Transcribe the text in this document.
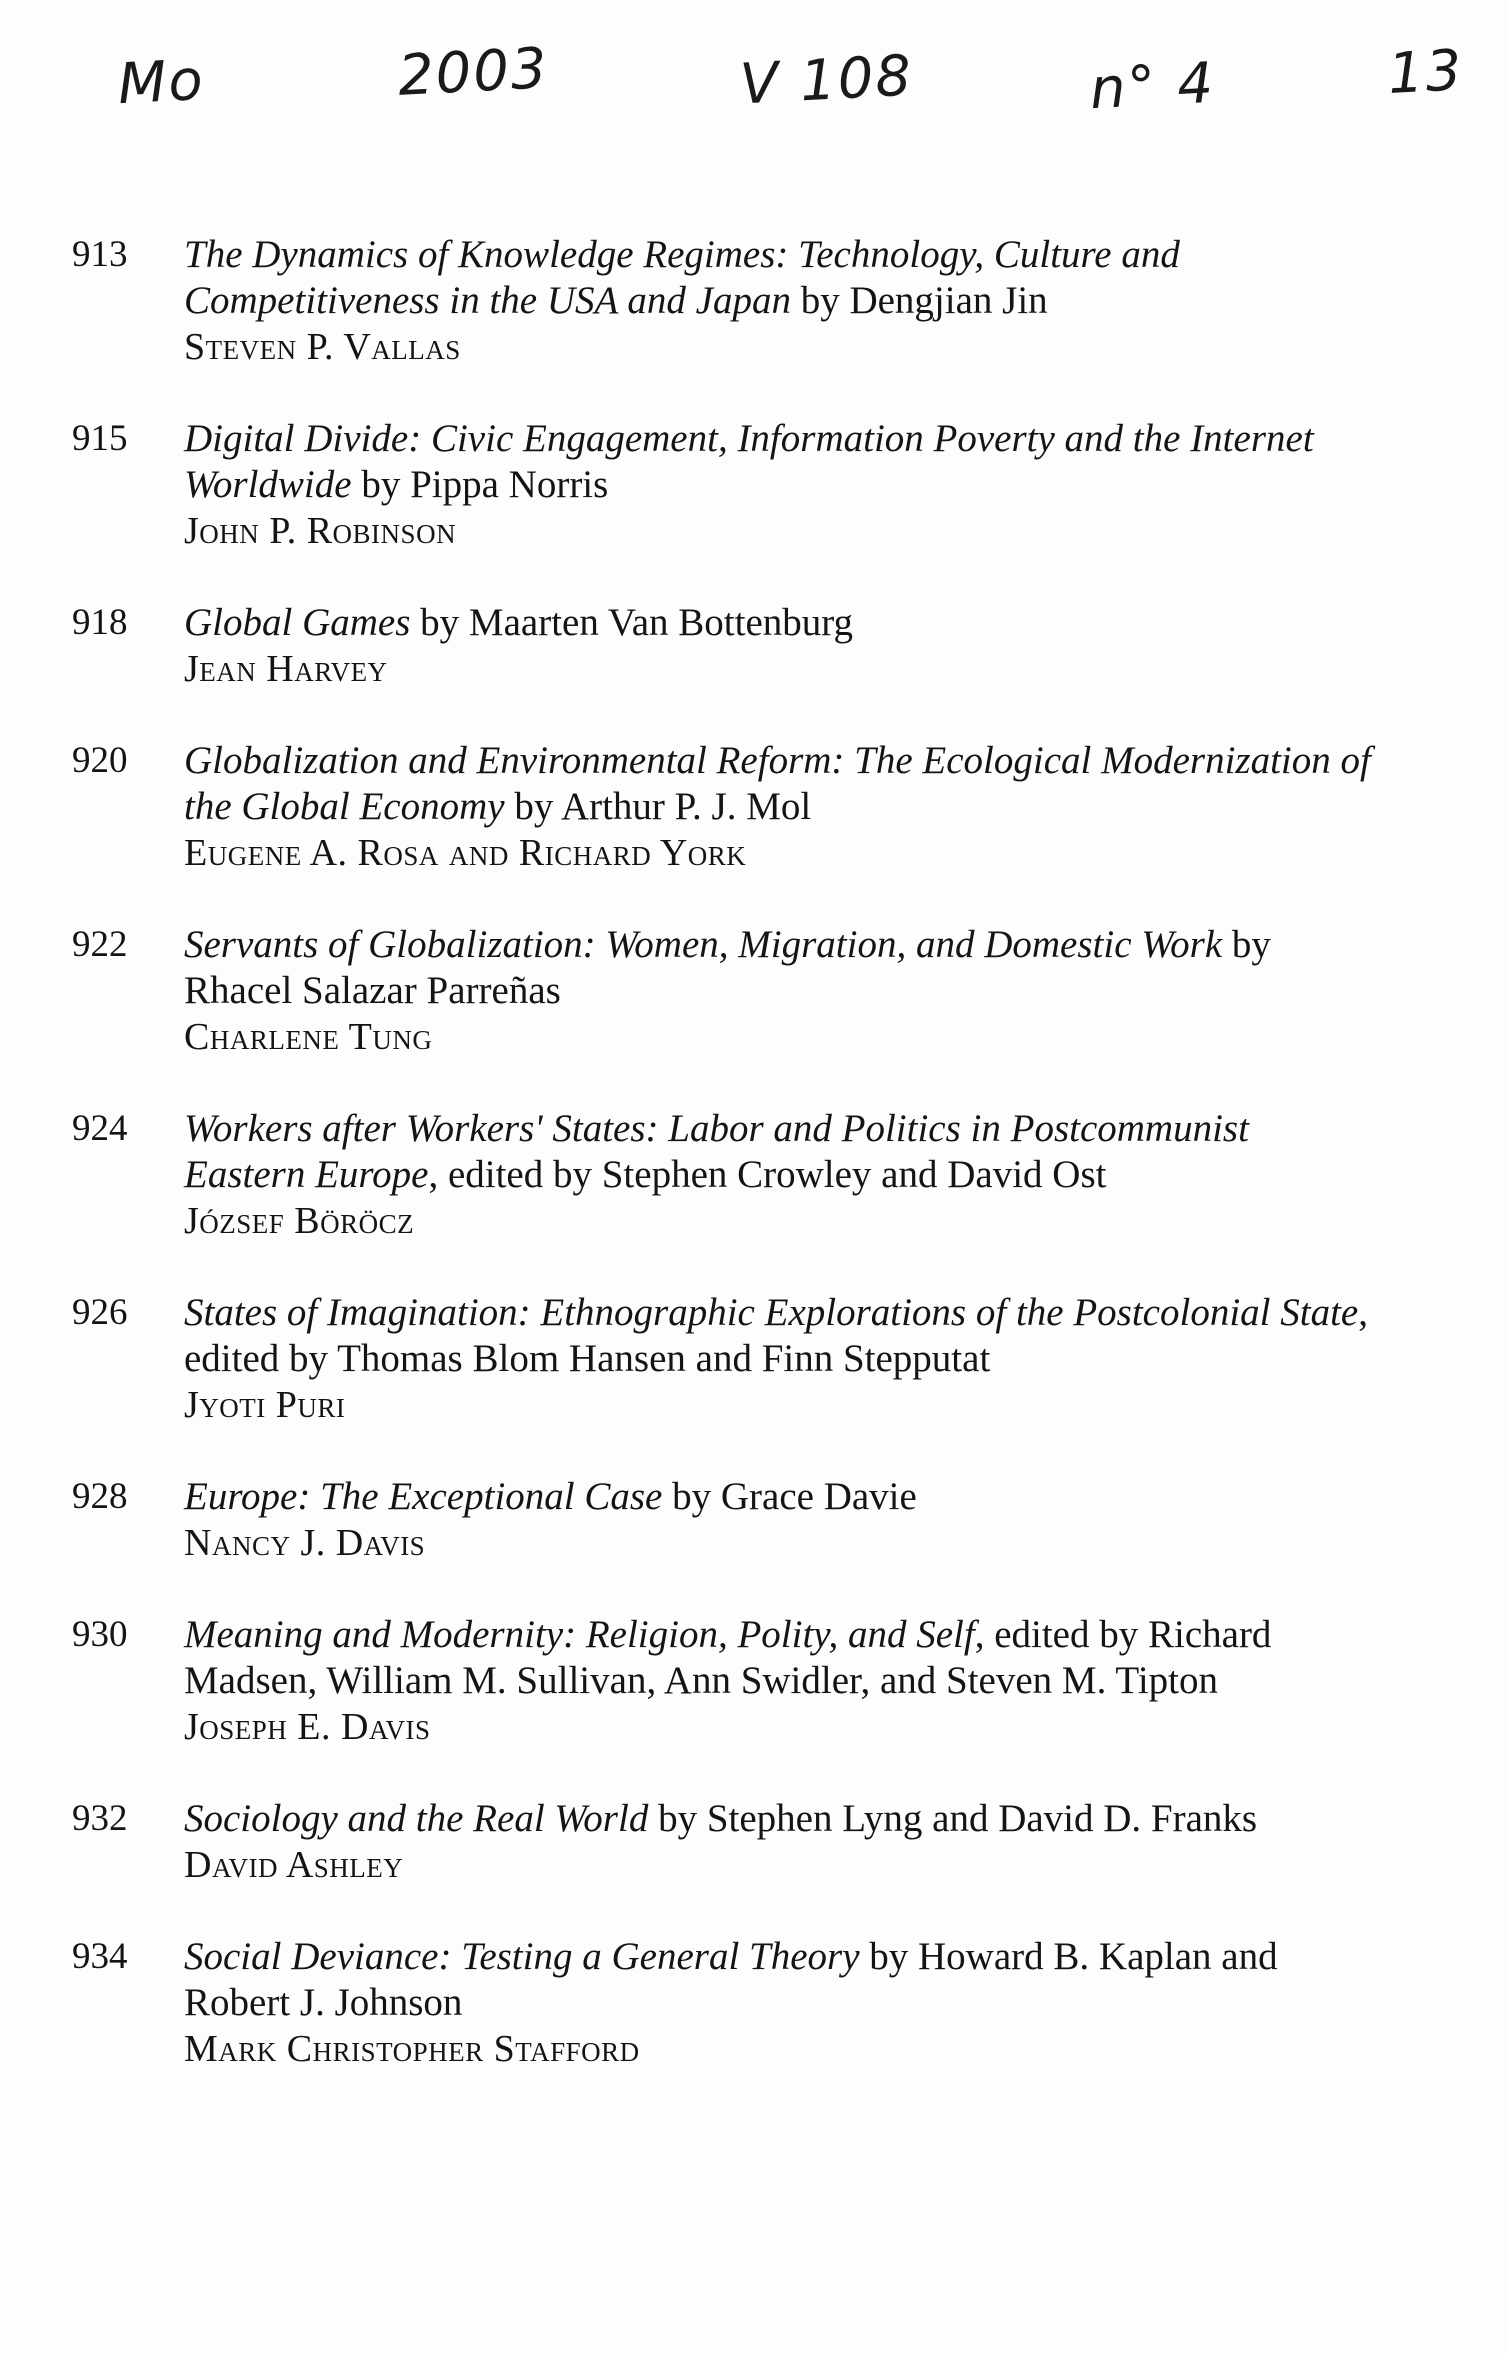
Mo	2003	V 108	n° 4	13
913	The Dynamics of Knowledge Regimes: Technology, Culture and Competitiveness in the USA and Japan by Dengjian Jin
Steven P. Vallas
915	Digital Divide: Civic Engagement, Information Poverty and the Internet Worldwide by Pippa Norris
John P. Robinson
918	Global Games by Maarten Van Bottenburg
Jean Harvey
920	Globalization and Environmental Reform: The Ecological Modernization of the Global Economy by Arthur P. J. Mol
Eugene A. Rosa and Richard York
922	Servants of Globalization: Women, Migration, and Domestic Work by Rhacel Salazar Parreñas
Charlene Tung
924	Workers after Workers' States: Labor and Politics in Postcommunist Eastern Europe, edited by Stephen Crowley and David Ost
József Böröcz
926	States of Imagination: Ethnographic Explorations of the Postcolonial State, edited by Thomas Blom Hansen and Finn Stepputat
Jyoti Puri
928	Europe: The Exceptional Case by Grace Davie
Nancy J. Davis
930	Meaning and Modernity: Religion, Polity, and Self, edited by Richard Madsen, William M. Sullivan, Ann Swidler, and Steven M. Tipton
Joseph E. Davis
932	Sociology and the Real World by Stephen Lyng and David D. Franks
David Ashley
934	Social Deviance: Testing a General Theory by Howard B. Kaplan and Robert J. Johnson
Mark Christopher Stafford
